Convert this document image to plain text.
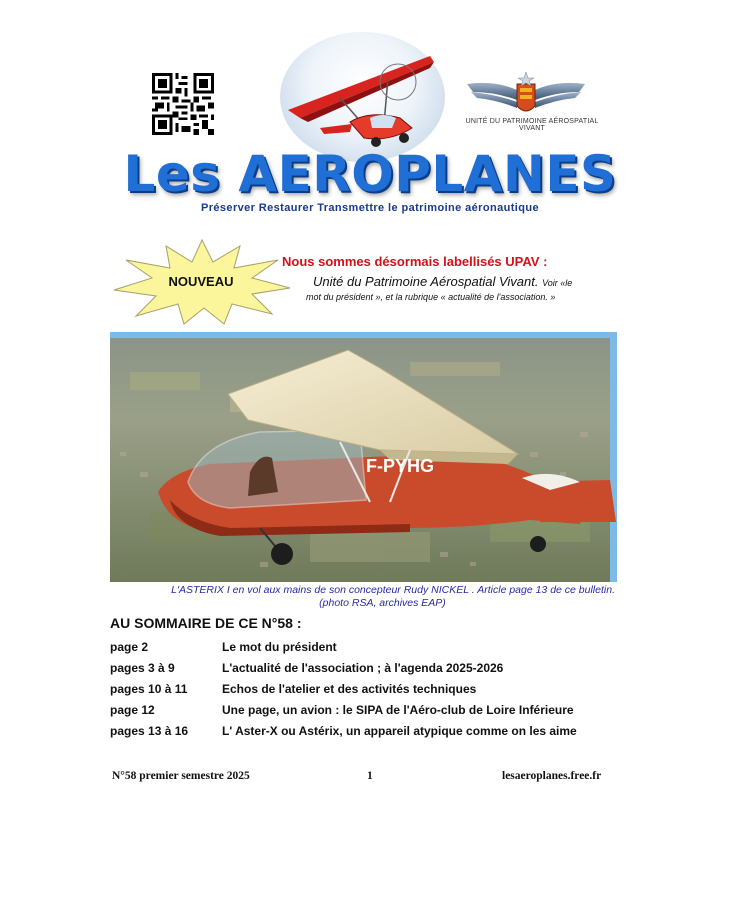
UNITÉ DU PATRIMOINE AÉROSPATIAL VIVANT
Les AEROPLANES
Préserver Restaurer Transmettre le patrimoine aéronautique
NOUVEAU
Nous sommes désormais labellisés UPAV :
Unité du Patrimoine Aérospatial Vivant. Voir «le
mot du président », et la rubrique « actualité de l'association. »
F-PYHG
L'ASTERIX I en vol aux mains de son concepteur Rudy NICKEL . Article page 13 de ce bulletin.
(photo RSA, archives EAP)
AU SOMMAIRE DE CE N°58 :
page 2	Le mot du président
pages 3 à 9	L'actualité de l'association ; à l'agenda 2025-2026
pages 10 à 11	Echos de l'atelier et des activités techniques
page 12	Une page, un avion : le SIPA de l'Aéro-club de Loire Inférieure
pages 13 à 16	L' Aster-X ou Astérix, un appareil atypique comme on les aime
N°58 premier semestre 2025	1	lesaeroplanes.free.fr
